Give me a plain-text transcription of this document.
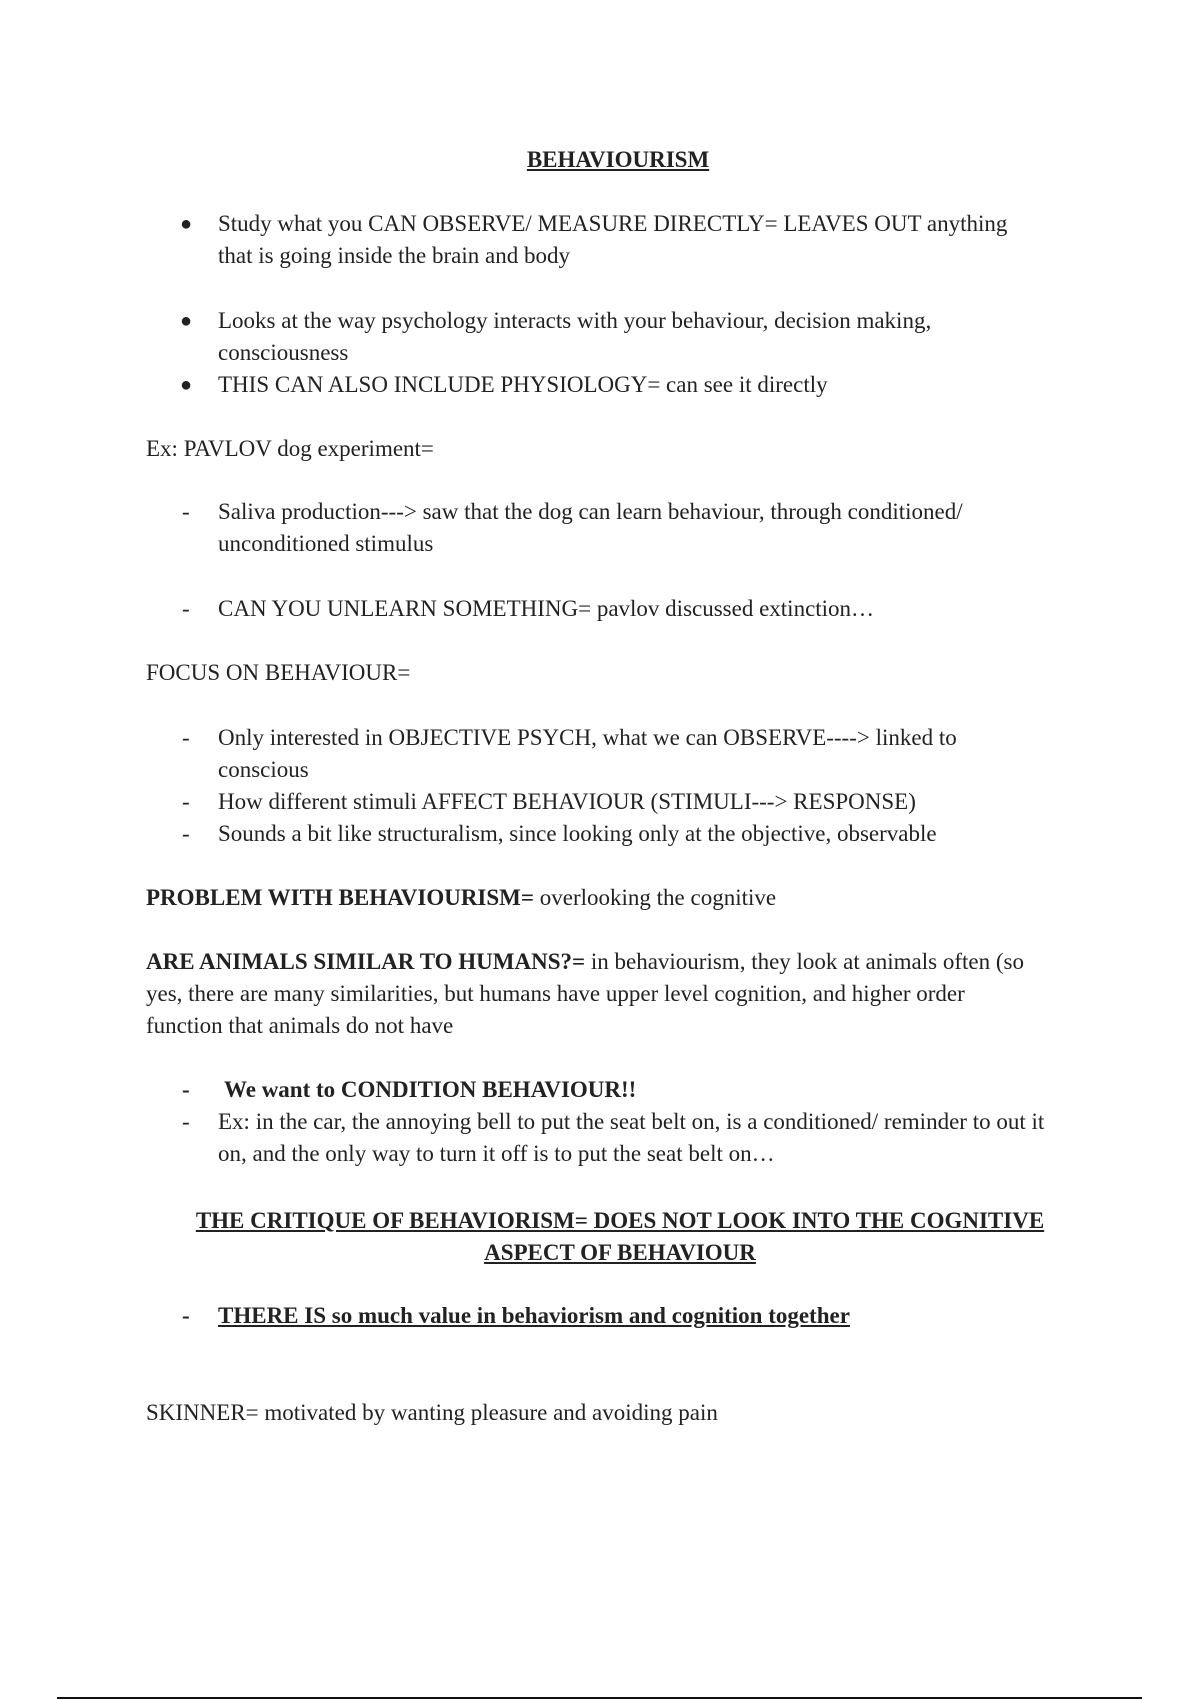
BEHAVIOURISM
●	Study what you CAN OBSERVE/ MEASURE DIRECTLY= LEAVES OUT anything
that is going inside the brain and body
●	Looks at the way psychology interacts with your behaviour, decision making,
consciousness
●	THIS CAN ALSO INCLUDE PHYSIOLOGY= can see it directly
Ex: PAVLOV dog experiment=
-	Saliva production---> saw that the dog can learn behaviour, through conditioned/
unconditioned stimulus
-	CAN YOU UNLEARN SOMETHING= pavlov discussed extinction…
FOCUS ON BEHAVIOUR=
-	Only interested in OBJECTIVE PSYCH, what we can OBSERVE----> linked to
conscious
-	How different stimuli AFFECT BEHAVIOUR (STIMULI---> RESPONSE)
-	Sounds a bit like structuralism, since looking only at the objective, observable
PROBLEM WITH BEHAVIOURISM= overlooking the cognitive
ARE ANIMALS SIMILAR TO HUMANS?= in behaviourism, they look at animals often (so
yes, there are many similarities, but humans have upper level cognition, and higher order
function that animals do not have
-	We want to CONDITION BEHAVIOUR!!
-	Ex: in the car, the annoying bell to put the seat belt on, is a conditioned/ reminder to out it
on, and the only way to turn it off is to put the seat belt on…
THE CRITIQUE OF BEHAVIORISM= DOES NOT LOOK INTO THE COGNITIVE
ASPECT OF BEHAVIOUR
-	THERE IS so much value in behaviorism and cognition together
SKINNER= motivated by wanting pleasure and avoiding pain
